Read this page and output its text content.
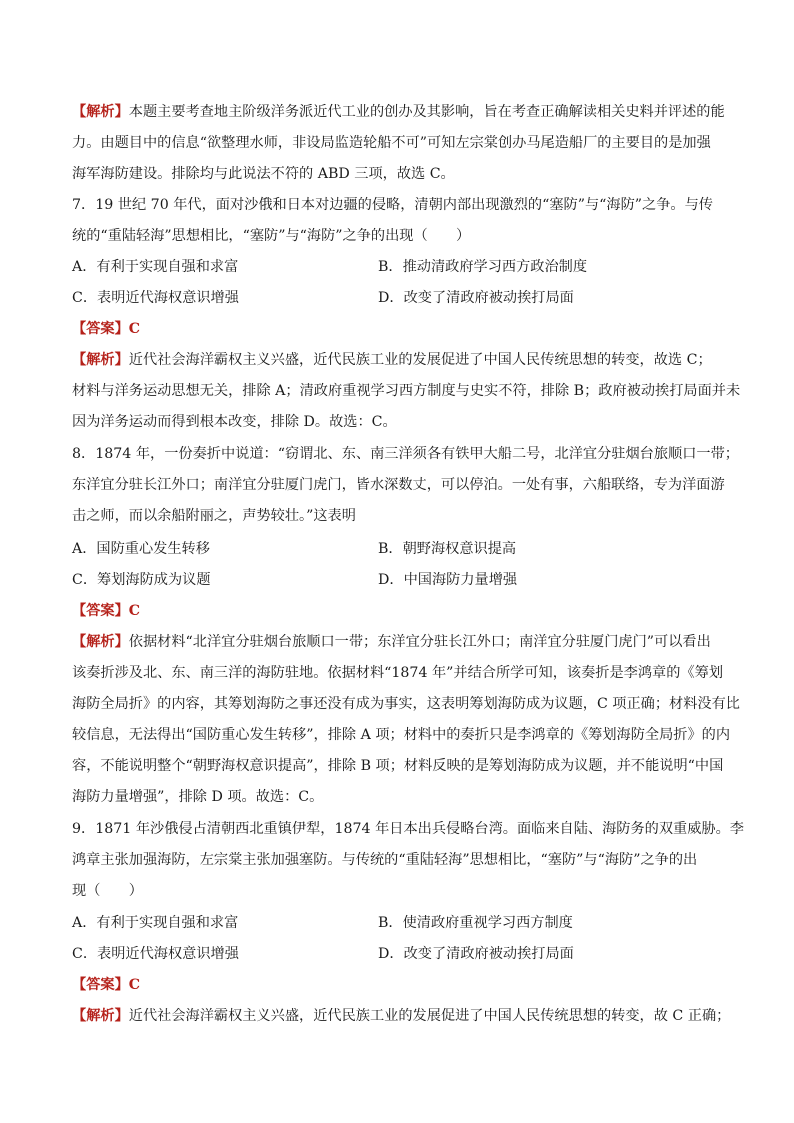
【解析】本题主要考查地主阶级洋务派近代工业的创办及其影响，旨在考查正确解读相关史料并评述的能
力。由题目中的信息“欲整理水师，非设局监造轮船不可”可知左宗棠创办马尾造船厂的主要目的是加强
海军海防建设。排除均与此说法不符的 ABD 三项，故选 C。
7．19 世纪 70 年代，面对沙俄和日本对边疆的侵略，清朝内部出现激烈的“塞防”与“海防”之争。与传
统的“重陆轻海”思想相比，“塞防”与“海防”之争的出现（　　）
A．有利于实现自强和求富	B．推动清政府学习西方政治制度
C．表明近代海权意识增强	D．改变了清政府被动挨打局面
【答案】C
【解析】近代社会海洋霸权主义兴盛，近代民族工业的发展促进了中国人民传统思想的转变，故选 C；
材料与洋务运动思想无关，排除 A；清政府重视学习西方制度与史实不符，排除 B；政府被动挨打局面并未
因为洋务运动而得到根本改变，排除 D。故选：C。
8．1874 年，一份奏折中说道：“窃谓北、东、南三洋须各有铁甲大船二号，北洋宜分驻烟台旅顺口一带；
东洋宜分驻长江外口；南洋宜分驻厦门虎门，皆水深数丈，可以停泊。一处有事，六船联络，专为洋面游
击之师，而以余船附丽之，声势较壮。”这表明
A．国防重心发生转移	B．朝野海权意识提高
C．筹划海防成为议题	D．中国海防力量增强
【答案】C
【解析】依据材料“北洋宜分驻烟台旅顺口一带；东洋宜分驻长江外口；南洋宜分驻厦门虎门”可以看出
该奏折涉及北、东、南三洋的海防驻地。依据材料“1874 年”并结合所学可知，该奏折是李鸿章的《筹划
海防全局折》的内容，其筹划海防之事还没有成为事实，这表明筹划海防成为议题，C 项正确；材料没有比
较信息，无法得出“国防重心发生转移”，排除 A 项；材料中的奏折只是李鸿章的《筹划海防全局折》的内
容，不能说明整个“朝野海权意识提高”，排除 B 项；材料反映的是筹划海防成为议题，并不能说明“中国
海防力量增强”，排除 D 项。故选：C。
9．1871 年沙俄侵占清朝西北重镇伊犁，1874 年日本出兵侵略台湾。面临来自陆、海防务的双重威胁。李
鸿章主张加强海防，左宗棠主张加强塞防。与传统的“重陆轻海”思想相比，“塞防”与“海防”之争的出
现（　　）
A．有利于实现自强和求富	B．使清政府重视学习西方制度
C．表明近代海权意识增强	D．改变了清政府被动挨打局面
【答案】C
【解析】近代社会海洋霸权主义兴盛，近代民族工业的发展促进了中国人民传统思想的转变，故 C 正确；
